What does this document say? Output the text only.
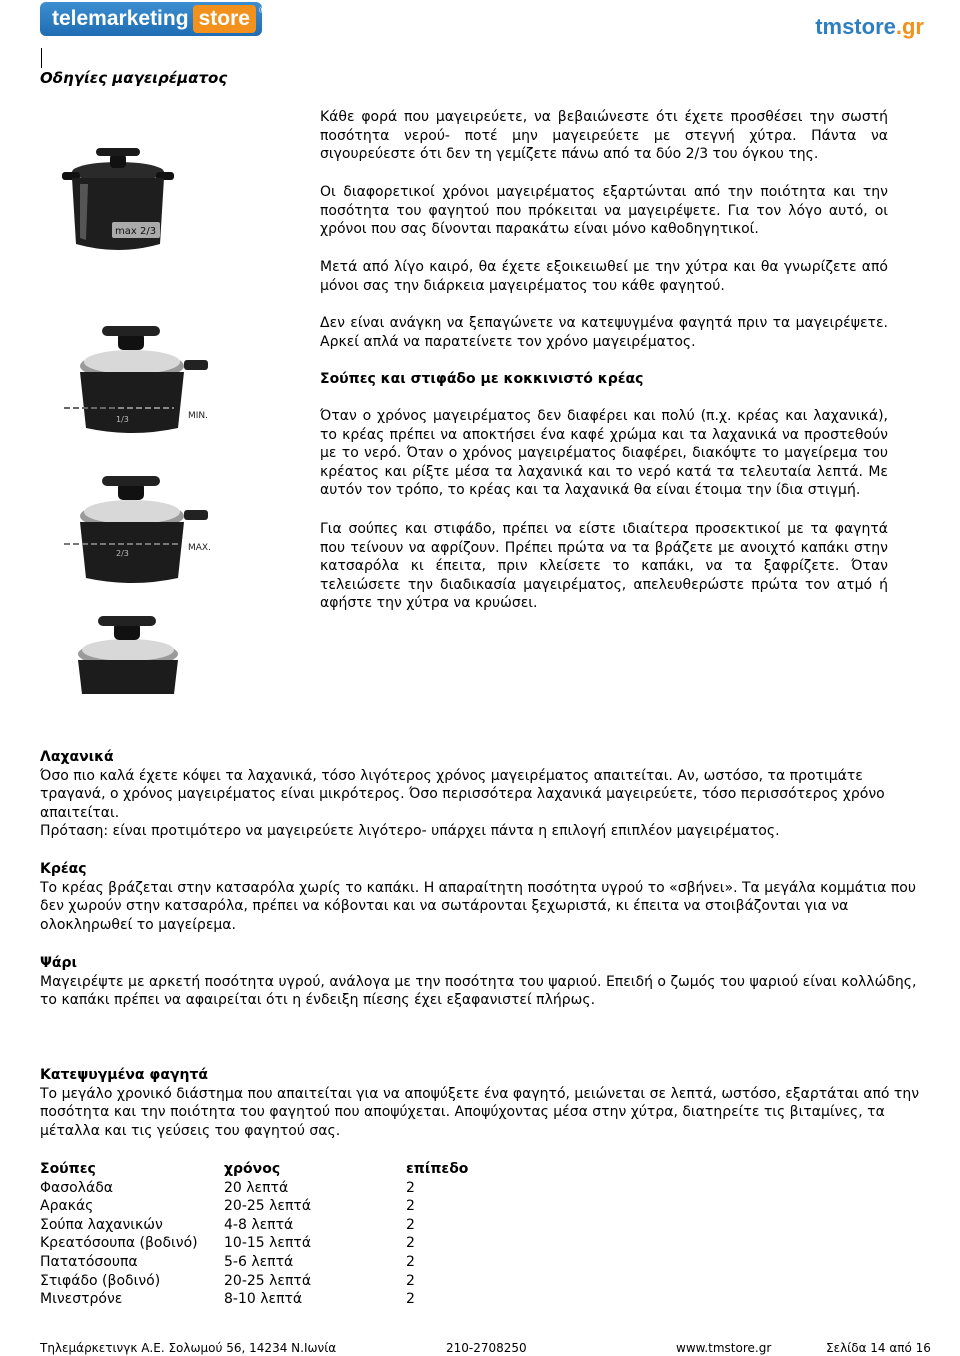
telemarketing store ®
tmstore.gr
Οδηγίες μαγειρέματος
max 2/3
1/3	MIN.
2/3
MAX.

Κάθε φορά που μαγειρεύετε, να βεβαιώνεστε ότι έχετε προσθέσει την σωστή ποσότητα νερού- ποτέ μην μαγειρεύετε με στεγνή χύτρα. Πάντα να σιγουρεύεστε ότι δεν τη γεμίζετε πάνω από τα δύο 2/3 του όγκου της.

Οι διαφορετικοί χρόνοι μαγειρέματος εξαρτώνται από την ποιότητα και την ποσότητα του φαγητού που πρόκειται να μαγειρέψετε. Για τον λόγο αυτό, οι χρόνοι που σας δίνονται παρακάτω είναι μόνο καθοδηγητικοί.

Μετά από λίγο καιρό, θα έχετε εξοικειωθεί με την χύτρα και θα γνωρίζετε από μόνοι σας την διάρκεια μαγειρέματος του κάθε φαγητού.

Δεν είναι ανάγκη να ξεπαγώνετε να κατεψυγμένα φαγητά πριν τα μαγειρέψετε. Αρκεί απλά να παρατείνετε τον χρόνο μαγειρέματος.

Σούπες και στιφάδο με κοκκινιστό κρέας

Όταν ο χρόνος μαγειρέματος δεν διαφέρει και πολύ (π.χ. κρέας και λαχανικά), το κρέας πρέπει να αποκτήσει ένα καφέ χρώμα και τα λαχανικά να προστεθούν με το νερό. Όταν ο χρόνος μαγειρέματος διαφέρει, διακόψτε το μαγείρεμα του κρέατος και ρίξτε μέσα τα λαχανικά και το νερό κατά τα τελευταία λεπτά. Με αυτόν τον τρόπο, το κρέας και τα λαχανικά θα είναι έτοιμα την ίδια στιγμή.

Για σούπες και στιφάδο, πρέπει να είστε ιδιαίτερα προσεκτικοί με τα φαγητά που τείνουν να αφρίζουν. Πρέπει πρώτα να τα βράζετε με ανοιχτό καπάκι στην κατσαρόλα κι έπειτα, πριν κλείσετε το καπάκι, να τα ξαφρίζετε. Όταν τελειώσετε την διαδικασία μαγειρέματος, απελευθερώστε πρώτα τον ατμό ή αφήστε την χύτρα να κρυώσει.

Λαχανικά

Όσο πιο καλά έχετε κόψει τα λαχανικά, τόσο λιγότερος χρόνος μαγειρέματος απαιτείται. Αν, ωστόσο, τα προτιμάτε τραγανά, ο χρόνος μαγειρέματος είναι μικρότερος. Όσο περισσότερα λαχανικά μαγειρεύετε, τόσο περισσότερος χρόνο απαιτείται.

Πρόταση: είναι προτιμότερο να μαγειρεύετε λιγότερο- υπάρχει πάντα η επιλογή επιπλέον μαγειρέματος.

Κρέας

Το κρέας βράζεται στην κατσαρόλα χωρίς το καπάκι. Η απαραίτητη ποσότητα υγρού το «σβήνει». Τα μεγάλα κομμάτια που δεν χωρούν στην κατσαρόλα, πρέπει να κόβονται και να σωτάρονται ξεχωριστά, κι έπειτα να στοιβάζονται για να ολοκληρωθεί το μαγείρεμα.

Ψάρι

Μαγειρέψτε με αρκετή ποσότητα υγρού, ανάλογα με την ποσότητα του ψαριού. Επειδή ο ζωμός του ψαριού είναι κολλώδης, το καπάκι πρέπει να αφαιρείται ότι η ένδειξη πίεσης έχει εξαφανιστεί πλήρως.

Κατεψυγμένα φαγητά

Το μεγάλο χρονικό διάστημα που απαιτείται για να αποψύξετε ένα φαγητό, μειώνεται σε λεπτά, ωστόσο, εξαρτάται από την ποσότητα και την ποιότητα του φαγητού που αποψύχεται. Αποψύχοντας μέσα στην χύτρα, διατηρείτε τις βιταμίνες, τα μέταλλα και τις γεύσεις του φαγητού σας.

Σούπες	χρόνος	επίπεδο
Φασολάδα	20 λεπτά	2
Αρακάς	20-25 λεπτά	2
Σούπα λαχανικών	4-8 λεπτά	2
Κρεατόσουπα (βοδινό) 10-15 λεπτά	2
Πατατόσουπα	5-6 λεπτά	2
Στιφάδο (βοδινό)	20-25 λεπτά	2
Μινεστρόνε	8-10 λεπτά	2
Τηλεμάρκετινγκ Α.Ε. Σολωμού 56, 14234 Ν.Ιωνία	210-2708250	www.tmstore.gr	Σελίδα 14 από 16
